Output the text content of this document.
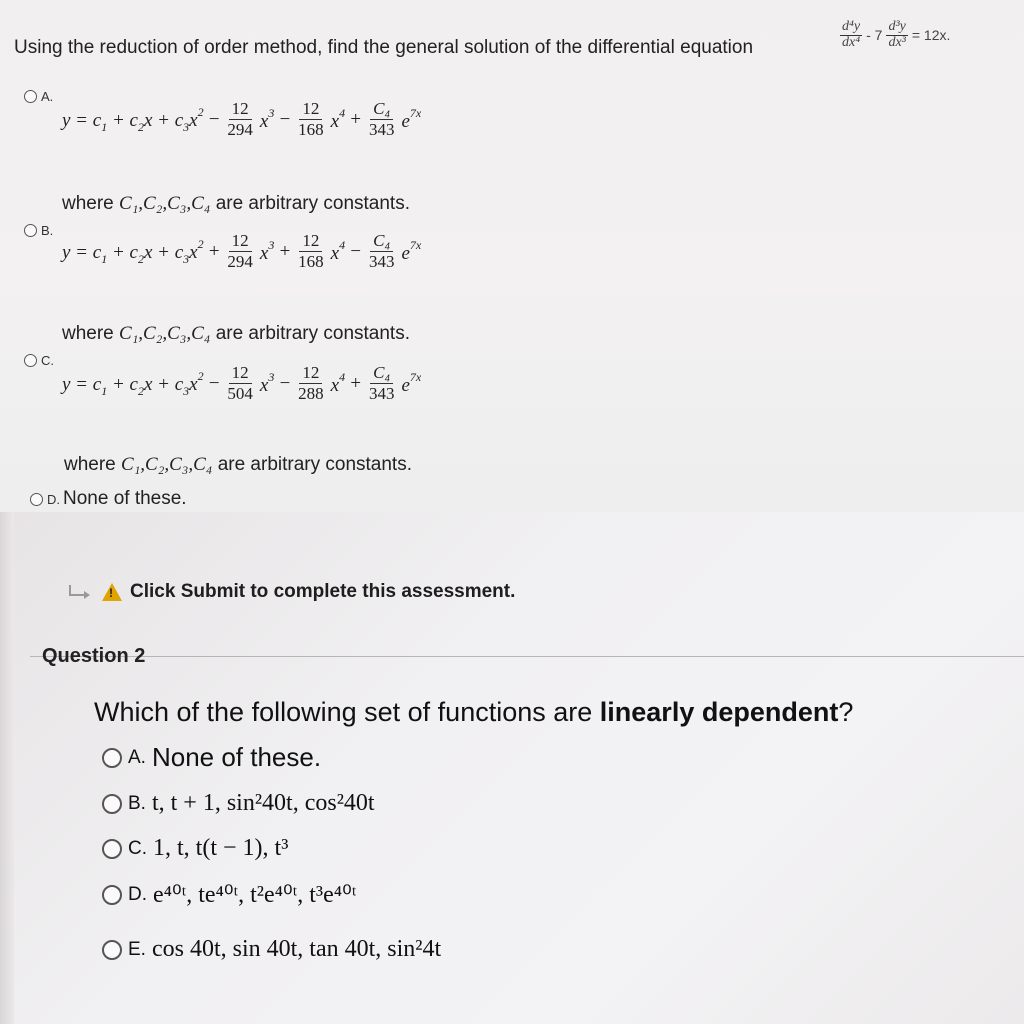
Using the reduction of order method, find the general solution of the differential equation	$\frac{\text{d⁴y}}{\text{dx⁴}} - 7 \frac{\text{d³y}}{\text{dx³}} = 12x$.
A.
$y = c_1 + c_2x + c_3x^2 - \frac{12}{294} x^3 - \frac{12}{168} x^4 + \frac{\text{C₄}}{343} e^{7x}$
where C₁,C₂,C₃,C₄ are arbitrary constants.
B.
$y = c_1 + c_2x + c_3x^2 + \frac{12}{294} x^3 + \frac{12}{168} x^4 - \frac{\text{C₄}}{343} e^{7x}$
where C₁,C₂,C₃,C₄ are arbitrary constants.
C.
$y = c_1 + c_2x + c_3x^2 - \frac{12}{504} x^3 - \frac{12}{288} x^4 + \frac{\text{C₄}}{343} e^{7x}$
where C₁,C₂,C₃,C₄ are arbitrary constants.
D. None of these.
!
Click Submit to complete this assessment.
Question 2
Which of the following set of functions are linearly dependent?
A. None of these.
B. t, t + 1, sin²40t, cos²40t
C. 1, t, t(t − 1), t³
D. e⁴⁰ᵗ, te⁴⁰ᵗ, t²e⁴⁰ᵗ, t³e⁴⁰ᵗ
E. cos 40t, sin 40t, tan 40t, sin²4t
